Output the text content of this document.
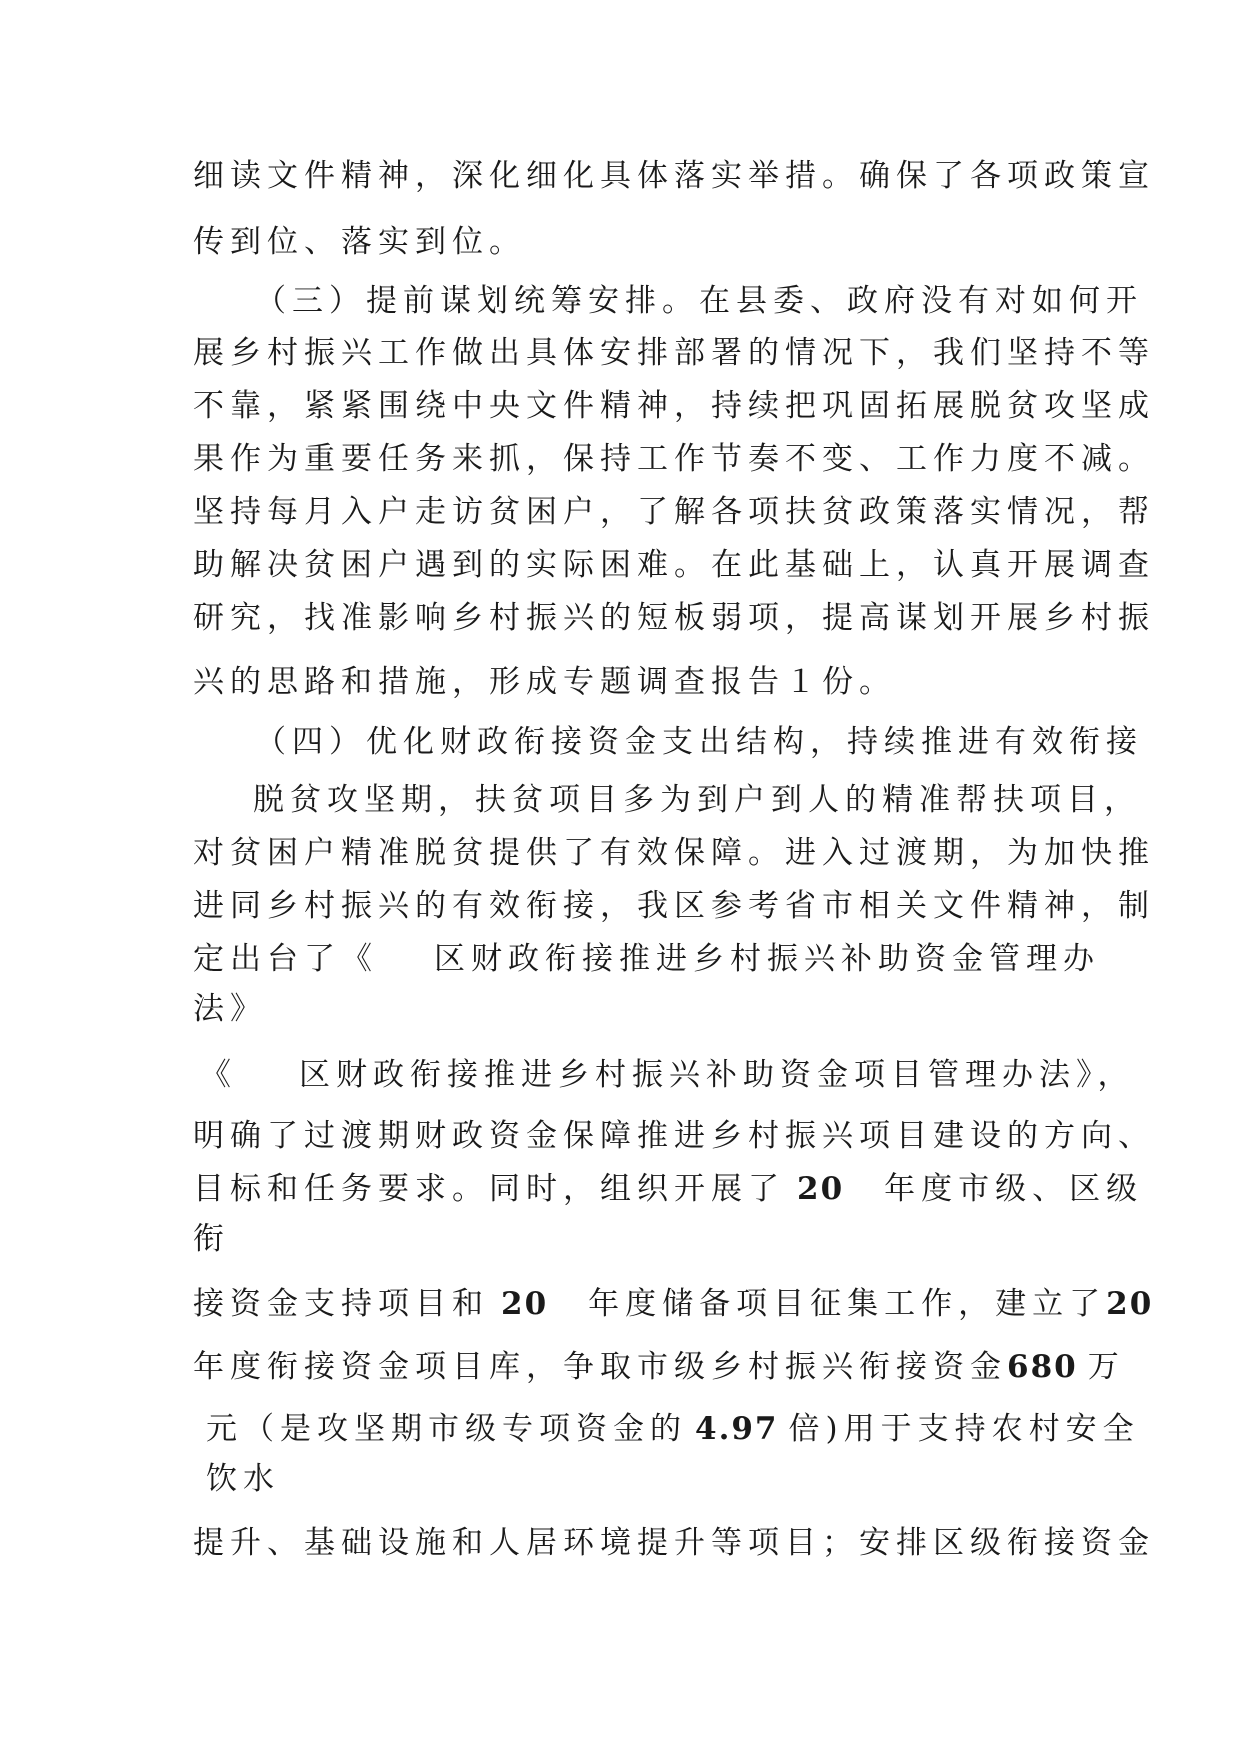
细读文件精神，深化细化具体落实举措。确保了各项政策宣
传到位、落实到位。
（三）提前谋划统筹安排。在县委、政府没有对如何开
展乡村振兴工作做出具体安排部署的情况下，我们坚持不等
不靠，紧紧围绕中央文件精神，持续把巩固拓展脱贫攻坚成
果作为重要任务来抓，保持工作节奏不变、工作力度不减。
坚持每月入户走访贫困户，了解各项扶贫政策落实情况，帮
助解决贫困户遇到的实际困难。在此基础上，认真开展调查
研究，找准影响乡村振兴的短板弱项，提高谋划开展乡村振
兴的思路和措施，形成专题调查报告１份。
（四）优化财政衔接资金支出结构，持续推进有效衔接
脱贫攻坚期，扶贫项目多为到户到人的精准帮扶项目，
对贫困户精准脱贫提供了有效保障。进入过渡期，为加快推
进同乡村振兴的有效衔接，我区参考省市相关文件精神，制
定出台了《 区财政衔接推进乡村振兴补助资金管理办
法》
《 区财政衔接推进乡村振兴补助资金项目管理办法》，
明确了过渡期财政资金保障推进乡村振兴项目建设的方向、
目标和任务要求。同时，组织开展了 20 年度市级、区级
衔
接资金支持项目和 20 年度储备项目征集工作，建立了20
年度衔接资金项目库，争取市级乡村振兴衔接资金680 万
元（是攻坚期市级专项资金的 4.97 倍)用于支持农村安全
饮水
提升、基础设施和人居环境提升等项目；安排区级衔接资金
